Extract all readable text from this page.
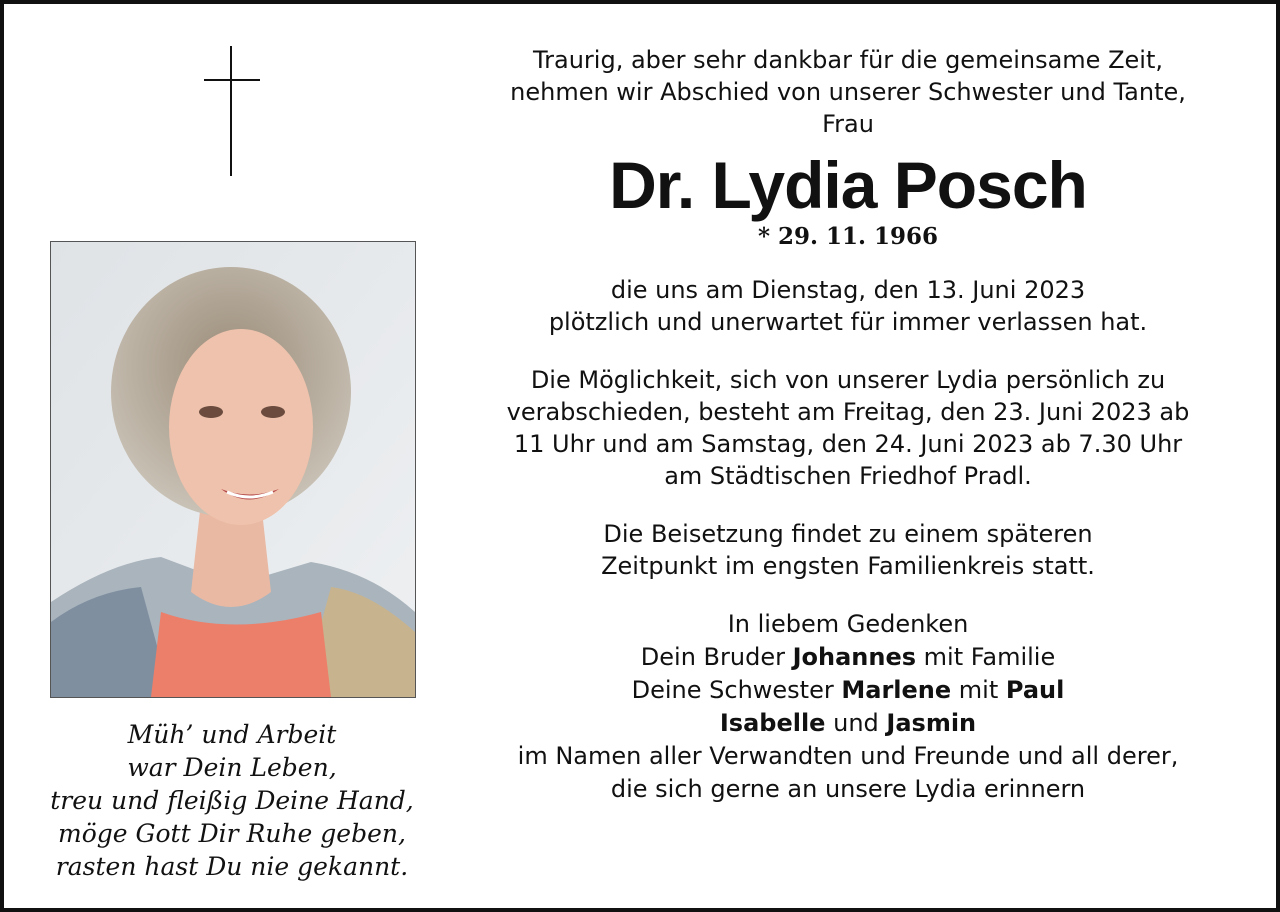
Müh’ und Arbeit
war Dein Leben,
treu und fleißig Deine Hand,
möge Gott Dir Ruhe geben,
rasten hast Du nie gekannt.

Traurig, aber sehr dankbar für die gemeinsame Zeit,
nehmen wir Abschied von unserer Schwester und Tante,
Frau

Dr. Lydia Posch
* 29. 11. 1966

die uns am Dienstag, den 13. Juni 2023
plötzlich und unerwartet für immer verlassen hat.

Die Möglichkeit, sich von unserer Lydia persönlich zu
verabschieden, besteht am Freitag, den 23. Juni 2023 ab
11 Uhr und am Samstag, den 24. Juni 2023 ab 7.30 Uhr
am Städtischen Friedhof Pradl.

Die Beisetzung findet zu einem späteren
Zeitpunkt im engsten Familienkreis statt.

In liebem Gedenken
Dein Bruder Johannes mit Familie
Deine Schwester Marlene mit Paul
Isabelle und Jasmin
im Namen aller Verwandten und Freunde und all derer,
die sich gerne an unsere Lydia erinnern
